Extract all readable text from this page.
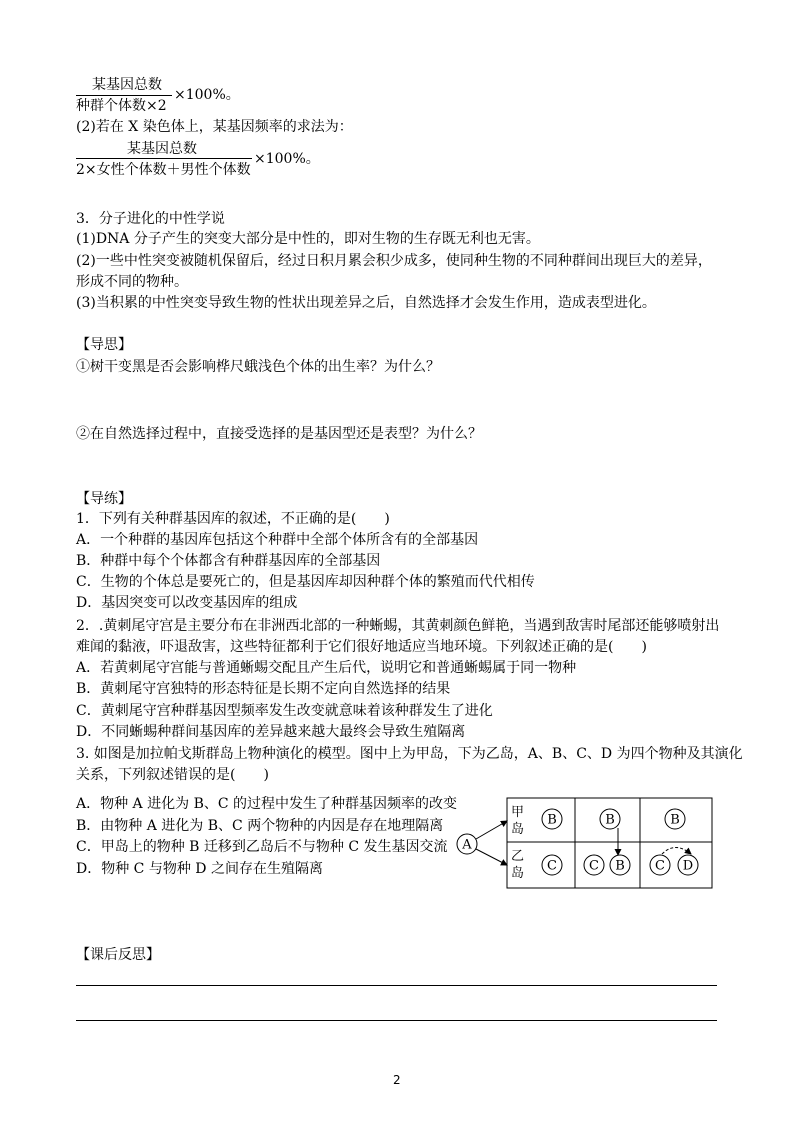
某基因总数
种群个体数×2
×100%。
(2)若在 X 染色体上，某基因频率的求法为：
某基因总数
2×女性个体数＋男性个体数
×100%。
3．分子进化的中性学说
(1)DNA 分子产生的突变大部分是中性的，即对生物的生存既无利也无害。
(2)一些中性突变被随机保留后，经过日积月累会积少成多，使同种生物的不同种群间出现巨大的差异，
形成不同的物种。
(3)当积累的中性突变导致生物的性状出现差异之后，自然选择才会发生作用，造成表型进化。
【导思】
①树干变黑是否会影响桦尺蛾浅色个体的出生率？为什么？
②在自然选择过程中，直接受选择的是基因型还是表型？为什么？
【导练】
1．下列有关种群基因库的叙述，不正确的是(　　)
A．一个种群的基因库包括这个种群中全部个体所含有的全部基因
B．种群中每个个体都含有种群基因库的全部基因
C．生物的个体总是要死亡的，但是基因库却因种群个体的繁殖而代代相传
D．基因突变可以改变基因库的组成
2．.黄刺尾守宫是主要分布在非洲西北部的一种蜥蜴，其黄刺颜色鲜艳，当遇到敌害时尾部还能够喷射出
难闻的黏液，吓退敌害，这些特征都利于它们很好地适应当地环境。下列叙述正确的是(　　)
A．若黄刺尾守宫能与普通蜥蜴交配且产生后代，说明它和普通蜥蜴属于同一物种
B．黄刺尾守宫独特的形态特征是长期不定向自然选择的结果
C．黄刺尾守宫种群基因型频率发生改变就意味着该种群发生了进化
D．不同蜥蜴种群间基因库的差异越来越大最终会导致生殖隔离
3. 如图是加拉帕戈斯群岛上物种演化的模型。图中上为甲岛，下为乙岛，A、B、C、D 为四个物种及其演化
关系，下列叙述错误的是(　　)
A．物种 A 进化为 B、C 的过程中发生了种群基因频率的改变
B．由物种 A 进化为 B、C 两个物种的内因是存在地理隔离
C．甲岛上的物种 B 迁移到乙岛后不与物种 C 发生基因交流
D．物种 C 与物种 D 之间存在生殖隔离
甲
岛
乙
岛
A
B
C
B
C B
B
C D
【课后反思】
2
